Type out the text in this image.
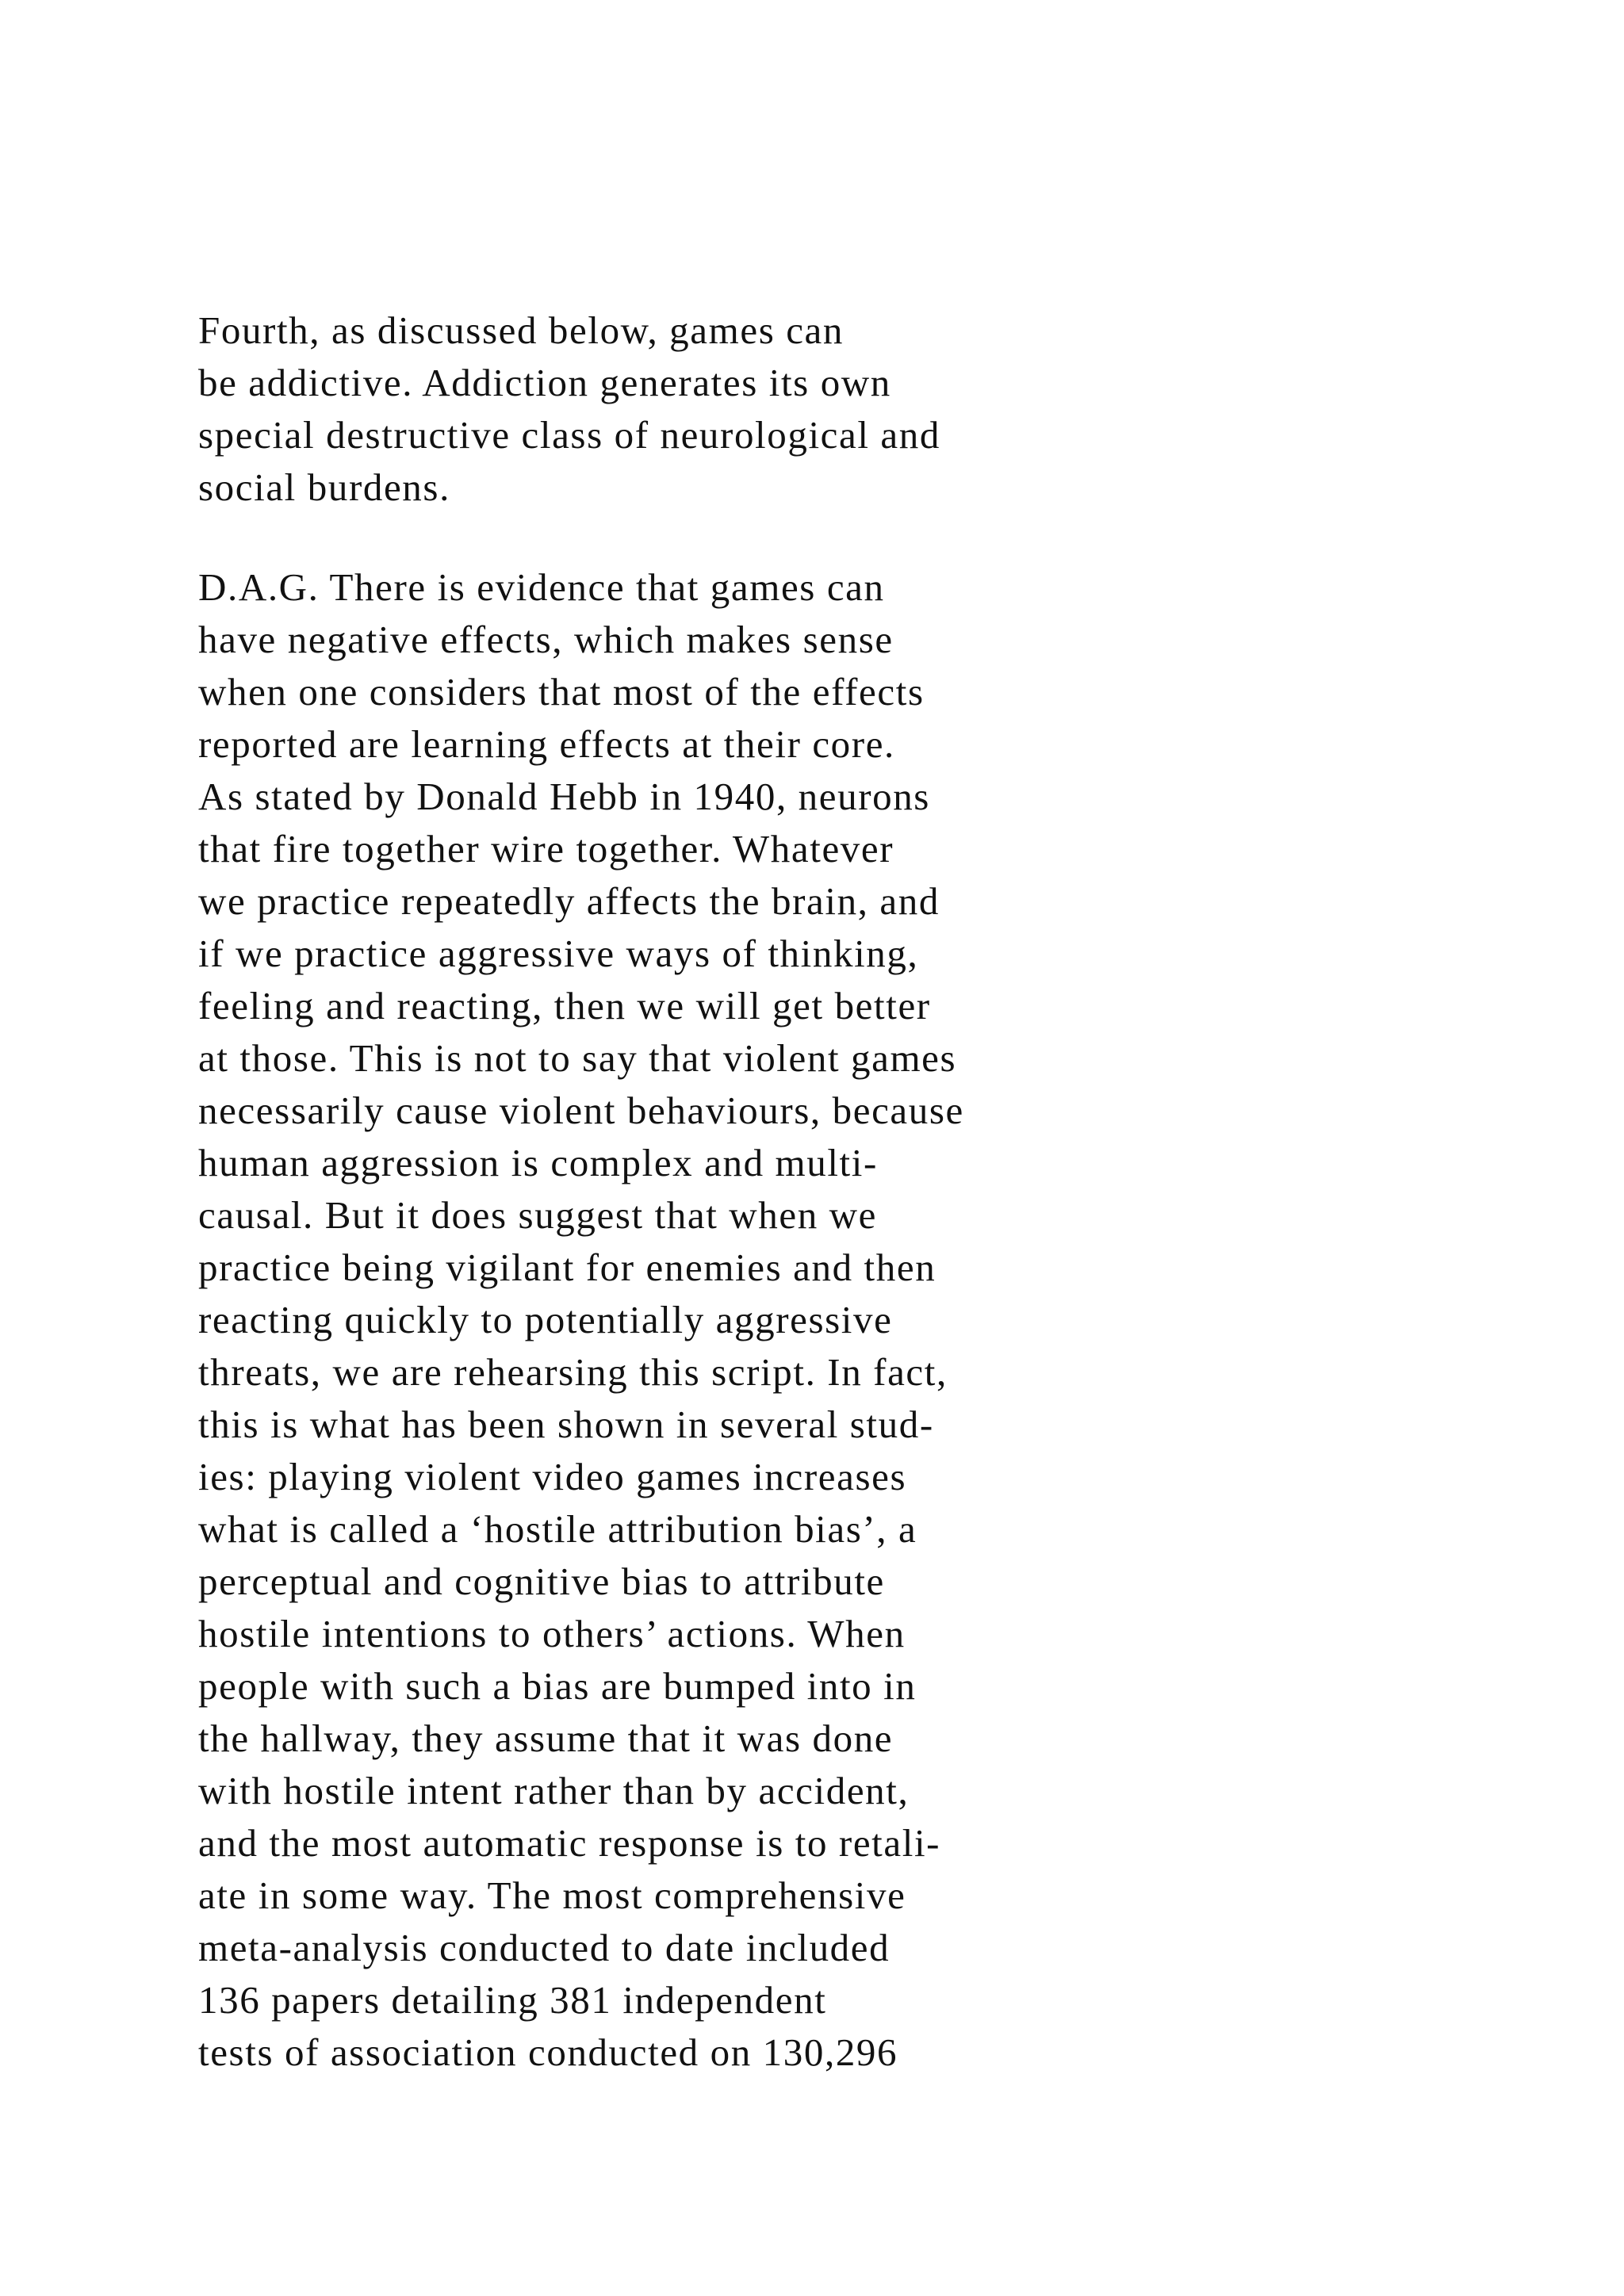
Fourth, as discussed below, games can
be addictive. Addiction generates its own
special destructive class of neurological and
social burdens.
D.A.G. There is evidence that games can
have negative effects, which makes sense
when one considers that most of the effects
reported are learning effects at their core.
As stated by Donald Hebb in 1940, neurons
that fire together wire together. Whatever
we practice repeatedly affects the brain, and
if we practice aggressive ways of thinking,
feeling and reacting, then we will get better
at those. This is not to say that violent games
necessarily cause violent behaviours, because
human aggression is complex and multi-
causal. But it does suggest that when we
practice being vigilant for enemies and then
reacting quickly to potentially aggressive
threats, we are rehearsing this script. In fact,
this is what has been shown in several stud-
ies: playing violent video games increases
what is called a ‘hostile attribution bias’, a
perceptual and cognitive bias to attribute
hostile intentions to others’ actions. When
people with such a bias are bumped into in
the hallway, they assume that it was done
with hostile intent rather than by accident,
and the most automatic response is to retali-
ate in some way. The most comprehensive
meta-analysis conducted to date included
136 papers detailing 381 independent
tests of association conducted on 130,296
